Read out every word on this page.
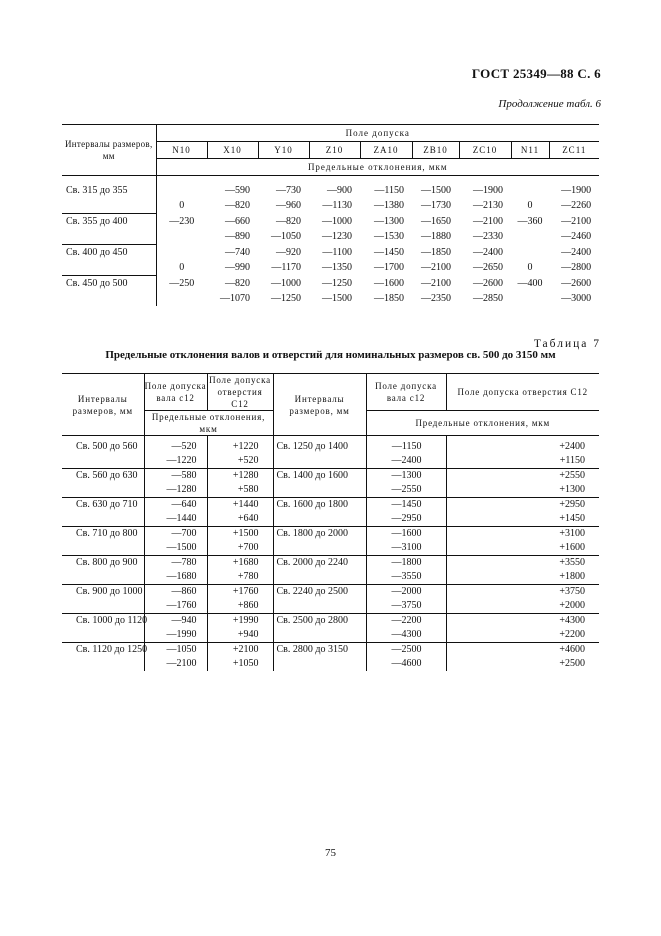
ГОСТ 25349—88 С. 6
Продолжение табл. 6
Интервалы размеров, мм	Поле допуска								
	N10	X10	Y10	Z10	ZA10	ZB10	ZC10	N11	ZC11
	Предельные отклонения, мкм								

Св. 315 до 355		—590	—730	—900	—1150	—1500	—1900		—1900
	0	—820	—960	—1130	—1380	—1730	—2130	0	—2260
Св. 355 до 400	—230	—660	—820	—1000	—1300	—1650	—2100	—360	—2100
		—890	—1050	—1230	—1530	—1880	—2330		—2460
Св. 400 до 450		—740	—920	—1100	—1450	—1850	—2400		—2400
	0	—990	—1170	—1350	—1700	—2100	—2650	0	—2800
Св. 450 до 500	—250	—820	—1000	—1250	—1600	—2100	—2600	—400	—2600
		—1070	—1250	—1500	—1850	—2350	—2850		—3000
Таблица 7
Предельные отклонения валов и отверстий для номинальных размеров св. 500 до 3150 мм
Интервалы размеров, мм	Поле допуска вала с12	Поле допуска отверстия С12	Интервалы размеров, мм	Поле допуска вала с12	Поле допуска отверстия С12
	Предельные отклонения, мкм			Предельные отклонения, мкм	

Св. 500 до 560	—520	+1220	Св. 1250 до 1400	—1150	+2400
	—1220	+520		—2400	+1150
Св. 560 до 630	—580	+1280	Св. 1400 до 1600	—1300	+2550
	—1280	+580		—2550	+1300
Св. 630 до 710	—640	+1440	Св. 1600 до 1800	—1450	+2950
	—1440	+640		—2950	+1450
Св. 710 до 800	—700	+1500	Св. 1800 до 2000	—1600	+3100
	—1500	+700		—3100	+1600
Св. 800 до 900	—780	+1680	Св. 2000 до 2240	—1800	+3550
	—1680	+780		—3550	+1800
Св. 900 до 1000	—860	+1760	Св. 2240 до 2500	—2000	+3750
	—1760	+860		—3750	+2000
Св. 1000 до 1120	—940	+1990	Св. 2500 до 2800	—2200	+4300
	—1990	+940		—4300	+2200
Св. 1120 до 1250	—1050	+2100	Св. 2800 до 3150	—2500	+4600
	—2100	+1050		—4600	+2500
75
